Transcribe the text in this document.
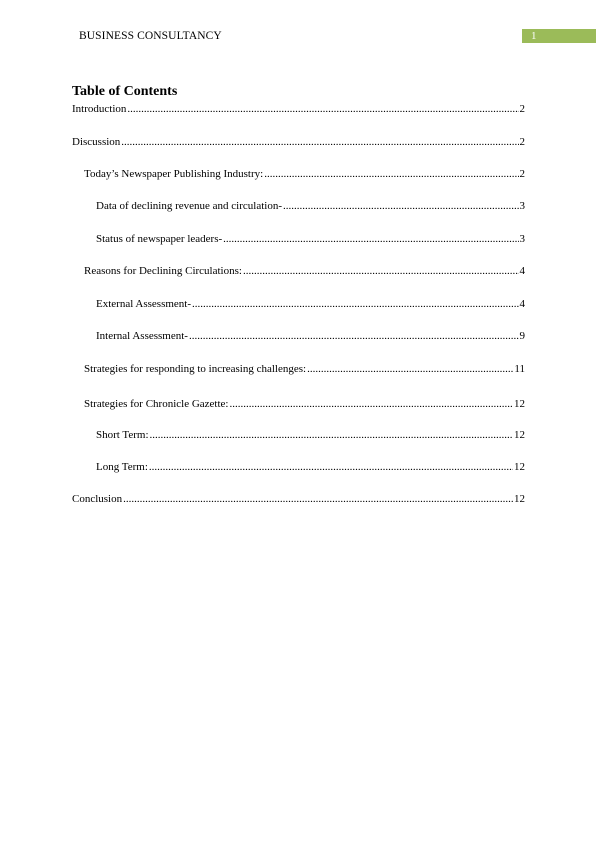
BUSINESS CONSULTANCY	1
Table of Contents
Introduction .....	2
Discussion .....	2
Today’s Newspaper Publishing Industry: .....	2
Data of declining revenue and circulation- .....	3
Status of newspaper leaders- .....	3
Reasons for Declining Circulations: .....	4
External Assessment- .....	4
Internal Assessment- .....	9
Strategies for responding to increasing challenges: .....	11
Strategies for Chronicle Gazette: .....	12
Short Term: .....	12
Long Term: .....	12
Conclusion .....	12
